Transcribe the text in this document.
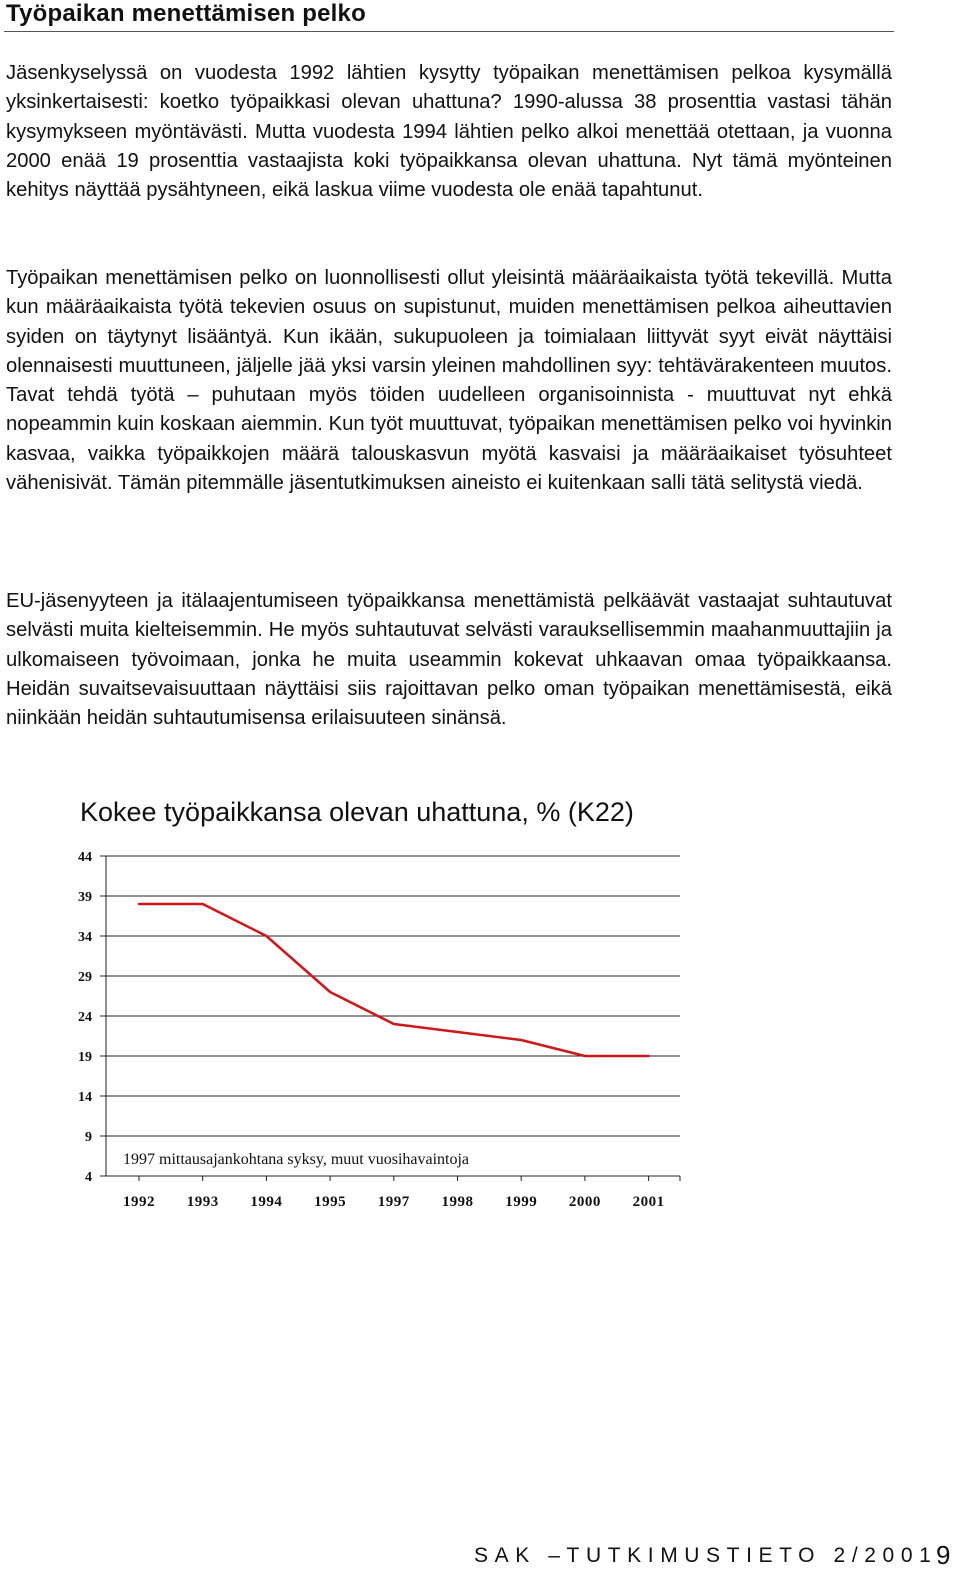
Työpaikan menettämisen pelko

Jäsenkyselyssä on vuodesta 1992 lähtien kysytty työpaikan menettämisen pelkoa kysymällä yksinkertaisesti: koetko työpaikkasi olevan uhattuna? 1990-alussa 38 prosenttia vastasi tähän kysymykseen myöntävästi. Mutta vuodesta 1994 lähtien pelko alkoi menettää otettaan, ja vuonna 2000 enää 19 prosenttia vastaajista koki työpaikkansa olevan uhattuna. Nyt tämä myönteinen kehitys näyttää pysähtyneen, eikä laskua viime vuodesta ole enää tapahtunut.

Työpaikan menettämisen pelko on luonnollisesti ollut yleisintä määräaikaista työtä tekevillä. Mutta kun määräaikaista työtä tekevien osuus on supistunut, muiden menettämisen pelkoa aiheuttavien syiden on täytynyt lisääntyä. Kun ikään, sukupuoleen ja toimialaan liittyvät syyt eivät näyttäisi olennaisesti muuttuneen, jäljelle jää yksi varsin yleinen mahdollinen syy: tehtävärakenteen muutos. Tavat tehdä työtä – puhutaan myös töiden uudelleen organisoinnista - muuttuvat nyt ehkä nopeammin kuin koskaan aiemmin. Kun työt muuttuvat, työpaikan menettämisen pelko voi hyvinkin kasvaa, vaikka työpaikkojen määrä talouskasvun myötä kasvaisi ja määräaikaiset työsuhteet vähenisivät. Tämän pitemmälle jäsentutkimuksen aineisto ei kuitenkaan salli tätä selitystä viedä.

EU-jäsenyyteen ja itälaajentumiseen työpaikkansa menettämistä pelkäävät vastaajat suhtautuvat selvästi muita kielteisemmin. He myös suhtautuvat selvästi varauksellisemmin maahanmuuttajiin ja ulkomaiseen työvoimaan, jonka he muita useammin kokevat uhkaavan omaa työpaikkaansa. Heidän suvaitsevaisuuttaan näyttäisi siis rajoittavan pelko oman työpaikan menettämisestä, eikä niinkään heidän suhtautumisensa erilaisuuteen sinänsä.

Kokee työpaikkansa olevan uhattuna, % (K22)
44
39
34
29
24
19
14
9
4
1992 1993 1994 1995 1997 1998 1999 2000 2001
1997 mittausajankohtana syksy, muut vuosihavaintoja
SAK –TUTKIMUSTIETO 2/2001
9
